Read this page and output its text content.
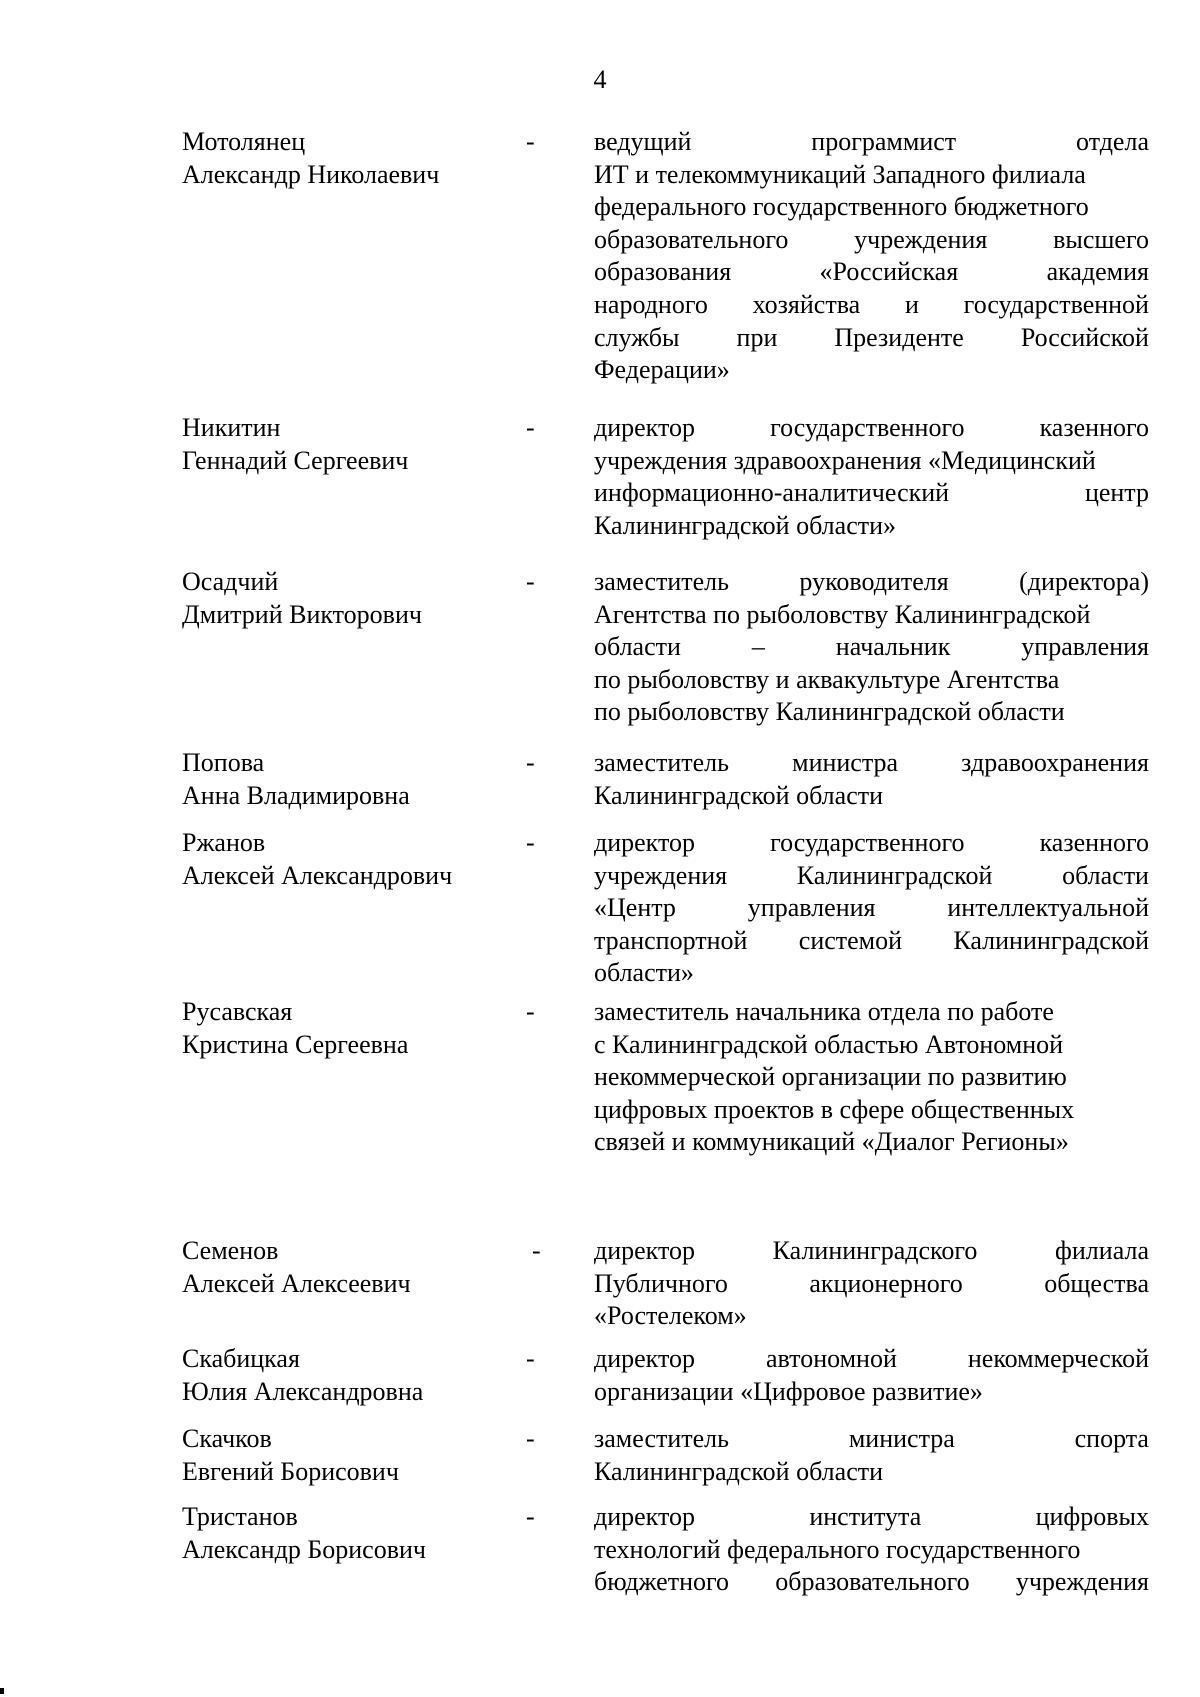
4
Мотолянец
Александр Николаевич
- ведущий	программист	отдела
ИТ и телекоммуникаций Западного филиала
федерального государственного бюджетного
образовательного	учреждения	высшего
образования	«Российская	академия
народного хозяйства и государственной
службы при Президенте Российской
Федерации»
Никитин
Геннадий Сергеевич
- директор	государственного	казенного
учреждения здравоохранения «Медицинский
информационно-аналитический	центр
Калининградской области»
Осадчий
Дмитрий Викторович
- заместитель	руководителя	(директора)
Агентства по рыболовству Калининградской
области	–	начальник	управления
по рыболовству и аквакультуре Агентства
по рыболовству Калининградской области
Попова
Анна Владимировна
- заместитель министра здравоохранения
Калининградской области
Ржанов
Алексей Александрович
- директор	государственного	казенного
учреждения	Калининградской	области
«Центр	управления	интеллектуальной
транспортной системой Калининградской
области»
Русавская
Кристина Сергеевна
- заместитель начальника отдела по работе
с Калининградской областью Автономной
некоммерческой организации по развитию
цифровых проектов в сфере общественных
связей и коммуникаций «Диалог Регионы»
Семенов
Алексей Алексеевич
- директор	Калининградского	филиала
Публичного	акционерного	общества
«Ростелеком»
Скабицкая
Юлия Александровна
- директор	автономной	некоммерческой
организации «Цифровое развитие»
Скачков
Евгений Борисович
- заместитель	министра	спорта
Калининградской области
Тристанов
Александр Борисович
- директор	института	цифровых
технологий федерального государственного
бюджетного образовательного учреждения
